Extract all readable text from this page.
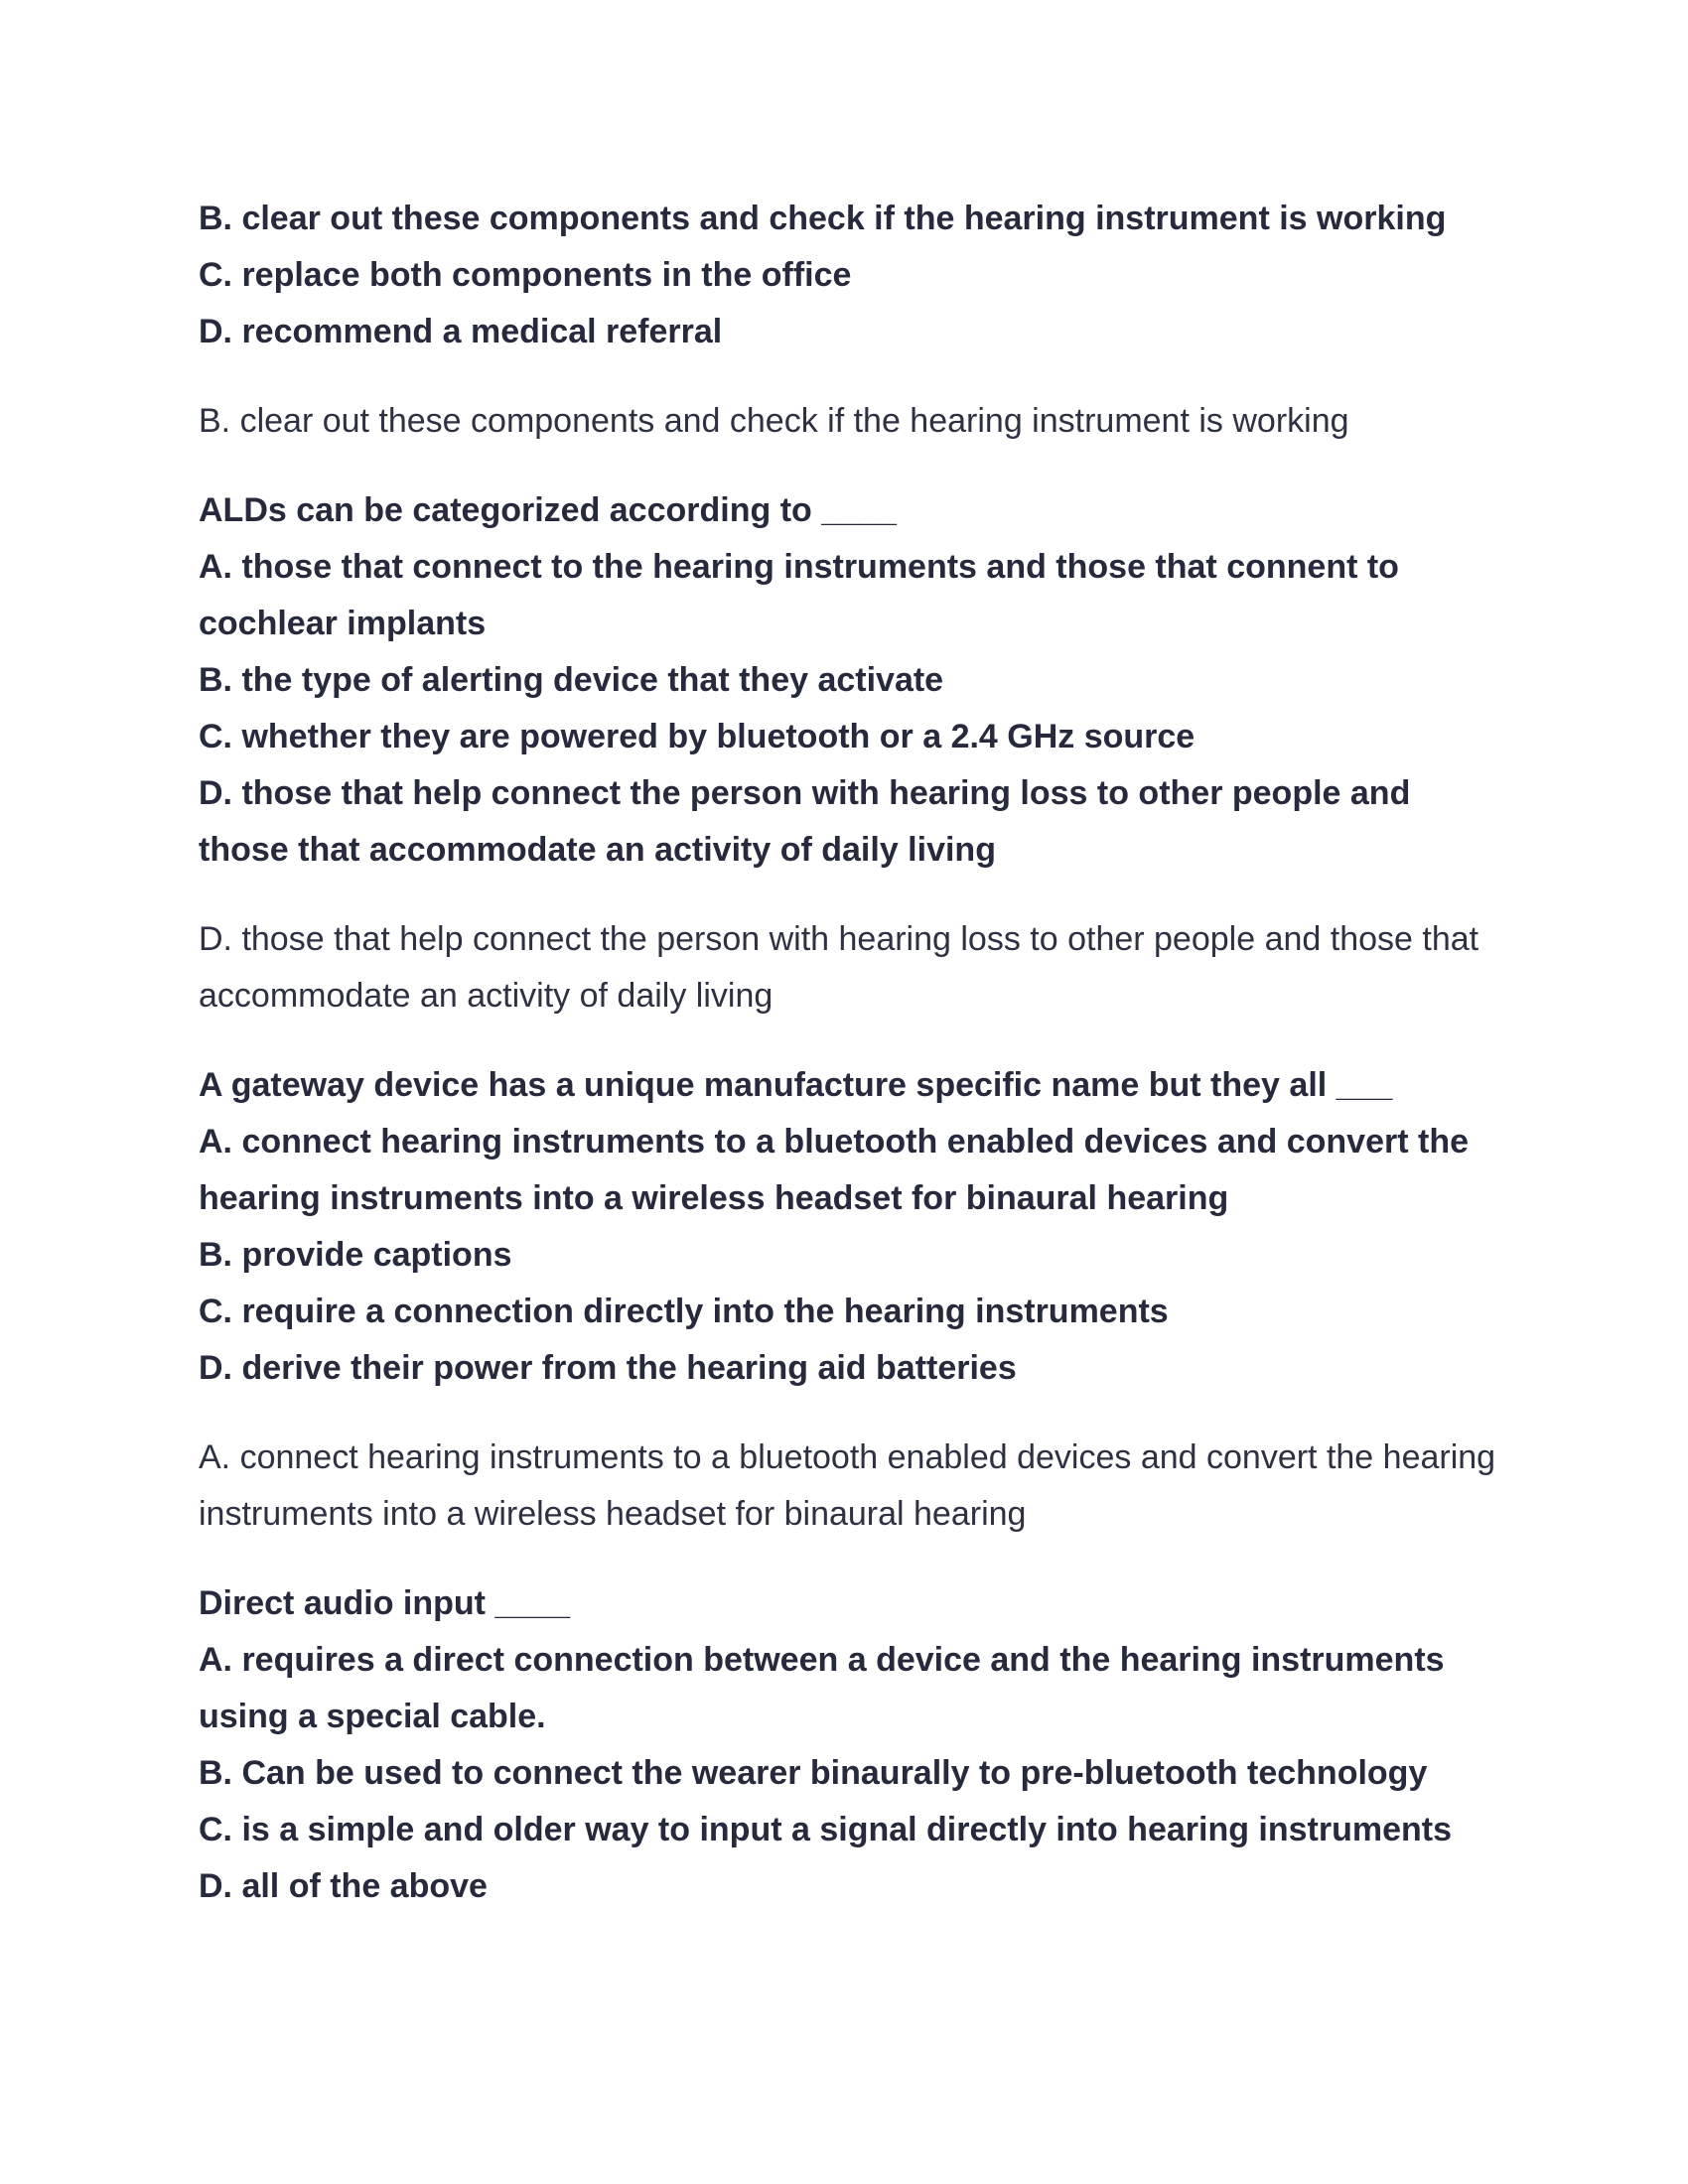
B. clear out these components and check if the hearing instrument is working
C. replace both components in the office
D. recommend a medical referral
B. clear out these components and check if the hearing instrument is working
ALDs can be categorized according to ____
A. those that connect to the hearing instruments and those that connent to cochlear implants
B. the type of alerting device that they activate
C. whether they are powered by bluetooth or a 2.4 GHz source
D. those that help connect the person with hearing loss to other people and those that accommodate an activity of daily living
D. those that help connect the person with hearing loss to other people and those that accommodate an activity of daily living
A gateway device has a unique manufacture specific name but they all ___
A. connect hearing instruments to a bluetooth enabled devices and convert the hearing instruments into a wireless headset for binaural hearing
B. provide captions
C. require a connection directly into the hearing instruments
D. derive their power from the hearing aid batteries
A. connect hearing instruments to a bluetooth enabled devices and convert the hearing instruments into a wireless headset for binaural hearing
Direct audio input ____
A. requires a direct connection between a device and the hearing instruments using a special cable.
B. Can be used to connect the wearer binaurally to pre-bluetooth technology
C. is a simple and older way to input a signal directly into hearing instruments
D. all of the above
